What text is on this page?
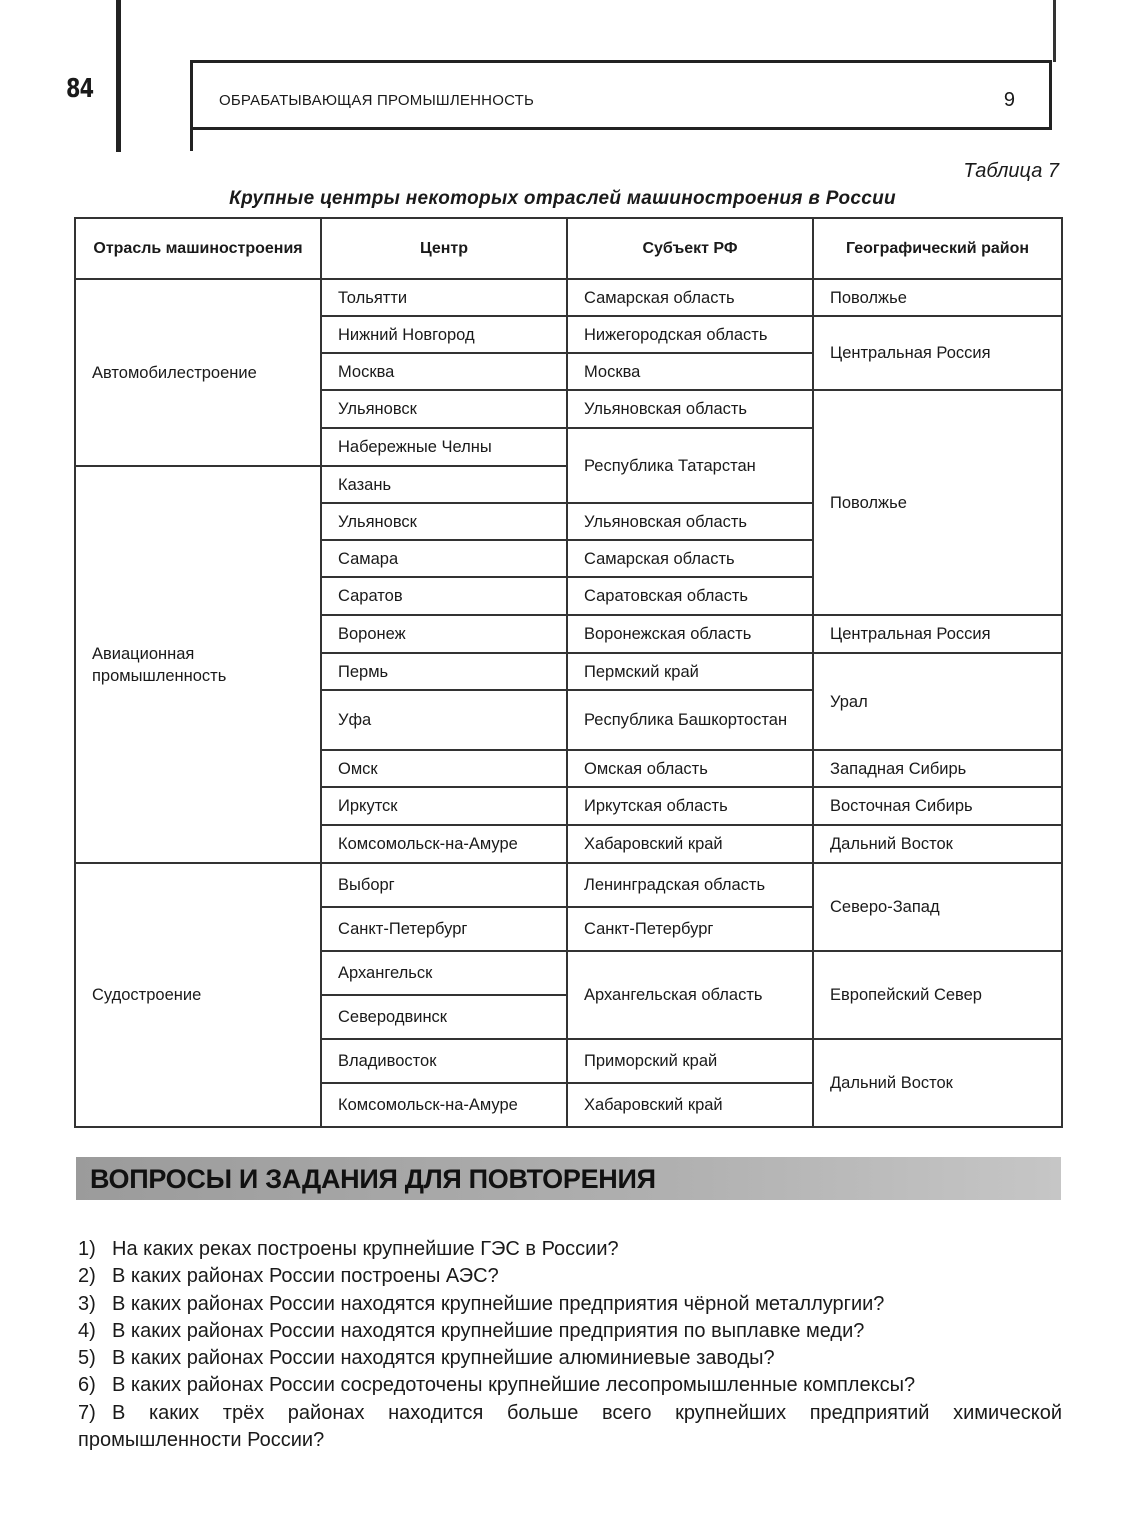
84	ОБРАБАТЫВАЮЩАЯ ПРОМЫШЛЕННОСТЬ	9
Таблица 7
Крупные центры некоторых отраслей машиностроения в России
Отрасль машиностроения	Центр	Субъект РФ	Географический район
Автомобилестроение	Тольятти	Самарская область	Поволжье
	Нижний Новгород	Нижегородская область	Центральная Россия
	Москва	Москва	
	Ульяновск	Ульяновская область	Поволжье
	Набережные Челны	Республика Татарстан	
Авиационная промышленность	Казань		
	Ульяновск	Ульяновская область	
	Самара	Самарская область	
	Саратов	Саратовская область	
	Воронеж	Воронежская область	Центральная Россия
	Пермь	Пермский край	Урал
	Уфа	Республика Башкортостан	
	Омск	Омская область	Западная Сибирь
	Иркутск	Иркутская область	Восточная Сибирь
	Комсомольск-на-Амуре	Хабаровский край	Дальний Восток
Судостроение	Выборг	Ленинградская область	Северо-Запад
	Санкт-Петербург	Санкт-Петербург	
	Архангельск	Архангельская область	Европейский Север
	Северодвинск		
	Владивосток	Приморский край	Дальний Восток
	Комсомольск-на-Амуре	Хабаровский край	
ВОПРОСЫ И ЗАДАНИЯ ДЛЯ ПОВТОРЕНИЯ
1) На каких реках построены крупнейшие ГЭС в России?
2) В каких районах России построены АЭС?
3) В каких районах России находятся крупнейшие предприятия чёрной металлургии?
4) В каких районах России находятся крупнейшие предприятия по выплавке меди?
5) В каких районах России находятся крупнейшие алюминиевые заводы?
6) В каких районах России сосредоточены крупнейшие лесопромышленные комплексы?
7) В каких трёх районах находится больше всего крупнейших предприятий химической промышленности России?
